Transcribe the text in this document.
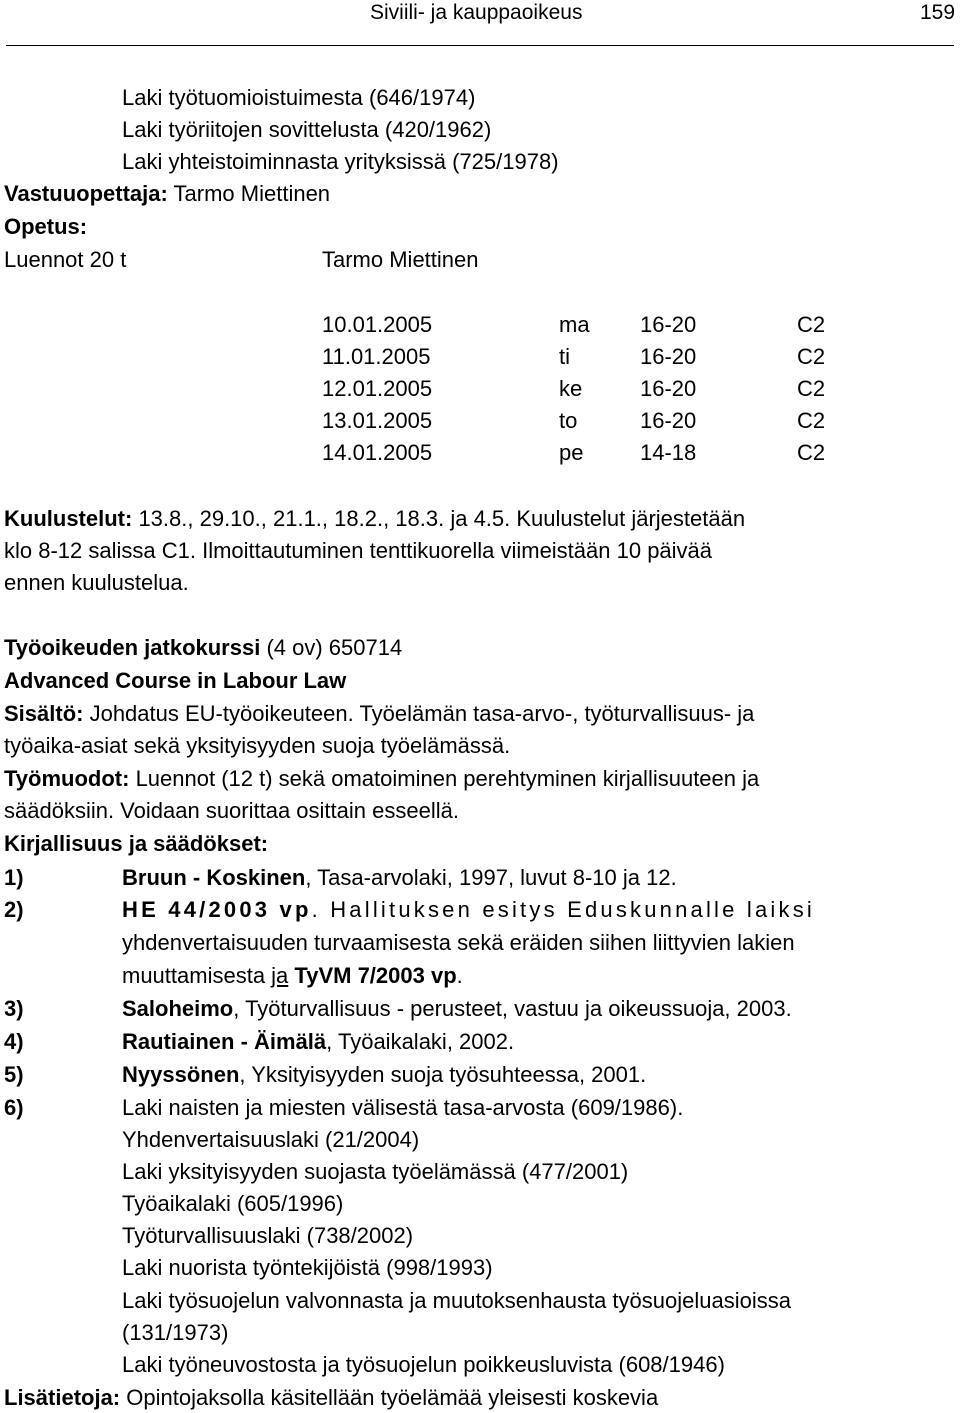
Siviili- ja kauppaoikeus	159
Laki työtuomioistuimesta (646/1974)
Laki työriitojen sovittelusta (420/1962)
Laki yhteistoiminnasta yrityksissä (725/1978)
Vastuuopettaja: Tarmo Miettinen
Opetus:
Luennot 20 t	Tarmo Miettinen
10.01.2005	ma 16-20	C2
11.01.2005	ti	16-20	C2
12.01.2005	ke	16-20	C2
13.01.2005	to	16-20	C2
14.01.2005	pe	14-18	C2
Kuulustelut: 13.8., 29.10., 21.1., 18.2., 18.3. ja 4.5. Kuulustelut järjestetään
klo 8-12 salissa C1. Ilmoittautuminen tenttikuorella viimeistään 10 päivää
ennen kuulustelua.
Työoikeuden jatkokurssi (4 ov) 650714
Advanced Course in Labour Law
Sisältö: Johdatus EU-työoikeuteen. Työelämän tasa-arvo-, työturvallisuus- ja
työaika-asiat sekä yksityisyyden suoja työelämässä.
Työmuodot: Luennot (12 t) sekä omatoiminen perehtyminen kirjallisuuteen ja
säädöksiin. Voidaan suorittaa osittain esseellä.
Kirjallisuus ja säädökset:
1)	Bruun - Koskinen, Tasa-arvolaki, 1997, luvut 8-10 ja 12.
2)	HE 44/2003 vp. Hallituksen esitys Eduskunnalle laiksi
yhdenvertaisuuden turvaamisesta sekä eräiden siihen liittyvien lakien
muuttamisesta ja TyVM 7/2003 vp.
3)	Saloheimo, Työturvallisuus - perusteet, vastuu ja oikeussuoja, 2003.
4)	Rautiainen - Äimälä, Työaikalaki, 2002.
5)	Nyyssönen, Yksityisyyden suoja työsuhteessa, 2001.
6)	Laki naisten ja miesten välisestä tasa-arvosta (609/1986).
Yhdenvertaisuuslaki (21/2004)
Laki yksityisyyden suojasta työelämässä (477/2001)
Työaikalaki (605/1996)
Työturvallisuuslaki (738/2002)
Laki nuorista työntekijöistä (998/1993)
Laki työsuojelun valvonnasta ja muutoksenhausta työsuojeluasioissa
(131/1973)
Laki työneuvostosta ja työsuojelun poikkeusluvista (608/1946)
Lisätietoja: Opintojaksolla käsitellään työelämää yleisesti koskevia
